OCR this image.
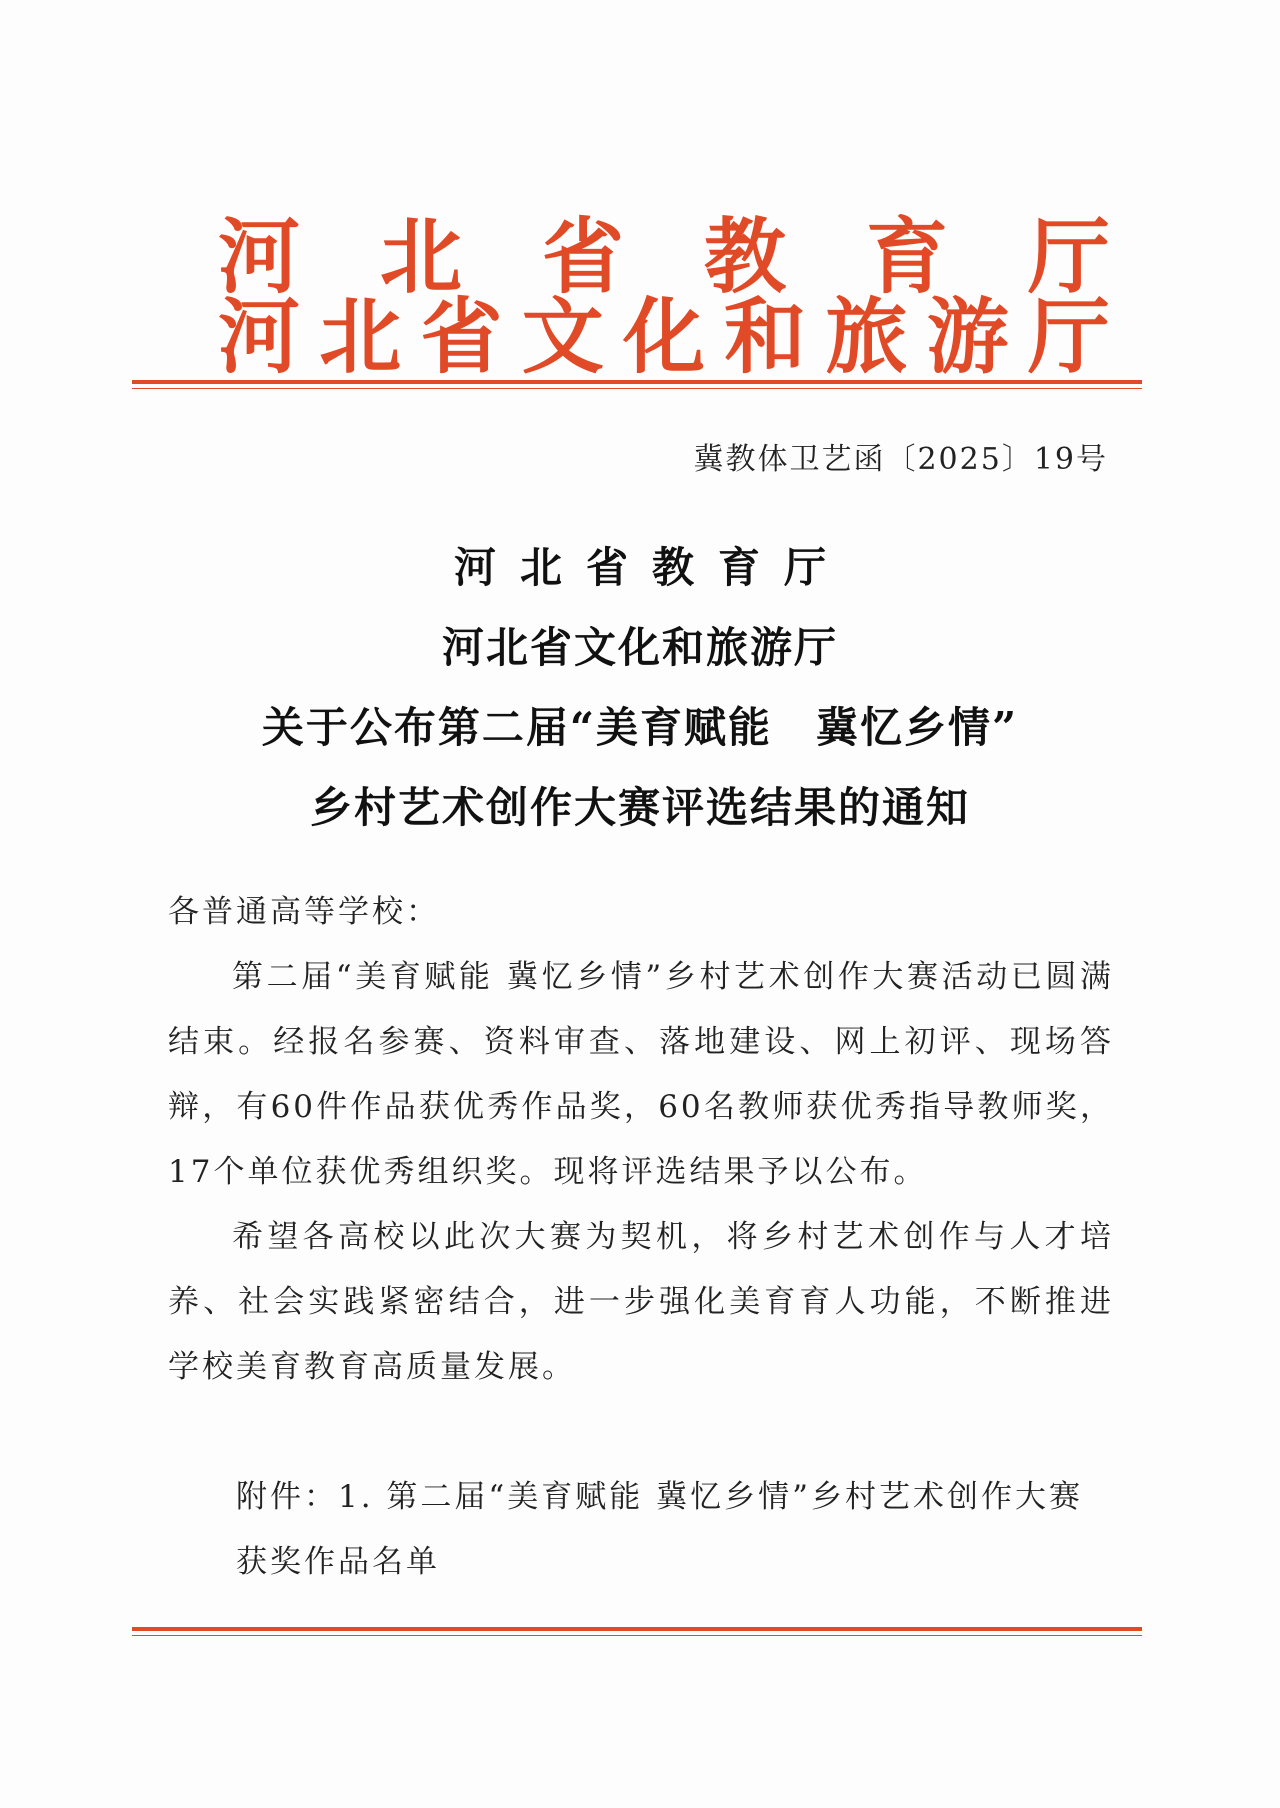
河 北 省 教 育 厅
河 北 省 文 化 和 旅 游 厅
冀教体卫艺函〔2025〕19号
河北省教育厅
河北省文化和旅游厅
关于公布第二届“美育赋能　冀忆乡情”
乡村艺术创作大赛评选结果的通知
各普通高等学校：
第二届“美育赋能 冀忆乡情”乡村艺术创作大赛活动已圆满结束。经报名参赛、资料审查、落地建设、网上初评、现场答辩，有60件作品获优秀作品奖，60名教师获优秀指导教师奖，17个单位获优秀组织奖。现将评选结果予以公布。
希望各高校以此次大赛为契机，将乡村艺术创作与人才培养、社会实践紧密结合，进一步强化美育育人功能，不断推进学校美育教育高质量发展。
附件：1. 第二届“美育赋能 冀忆乡情”乡村艺术创作大赛获奖作品名单
